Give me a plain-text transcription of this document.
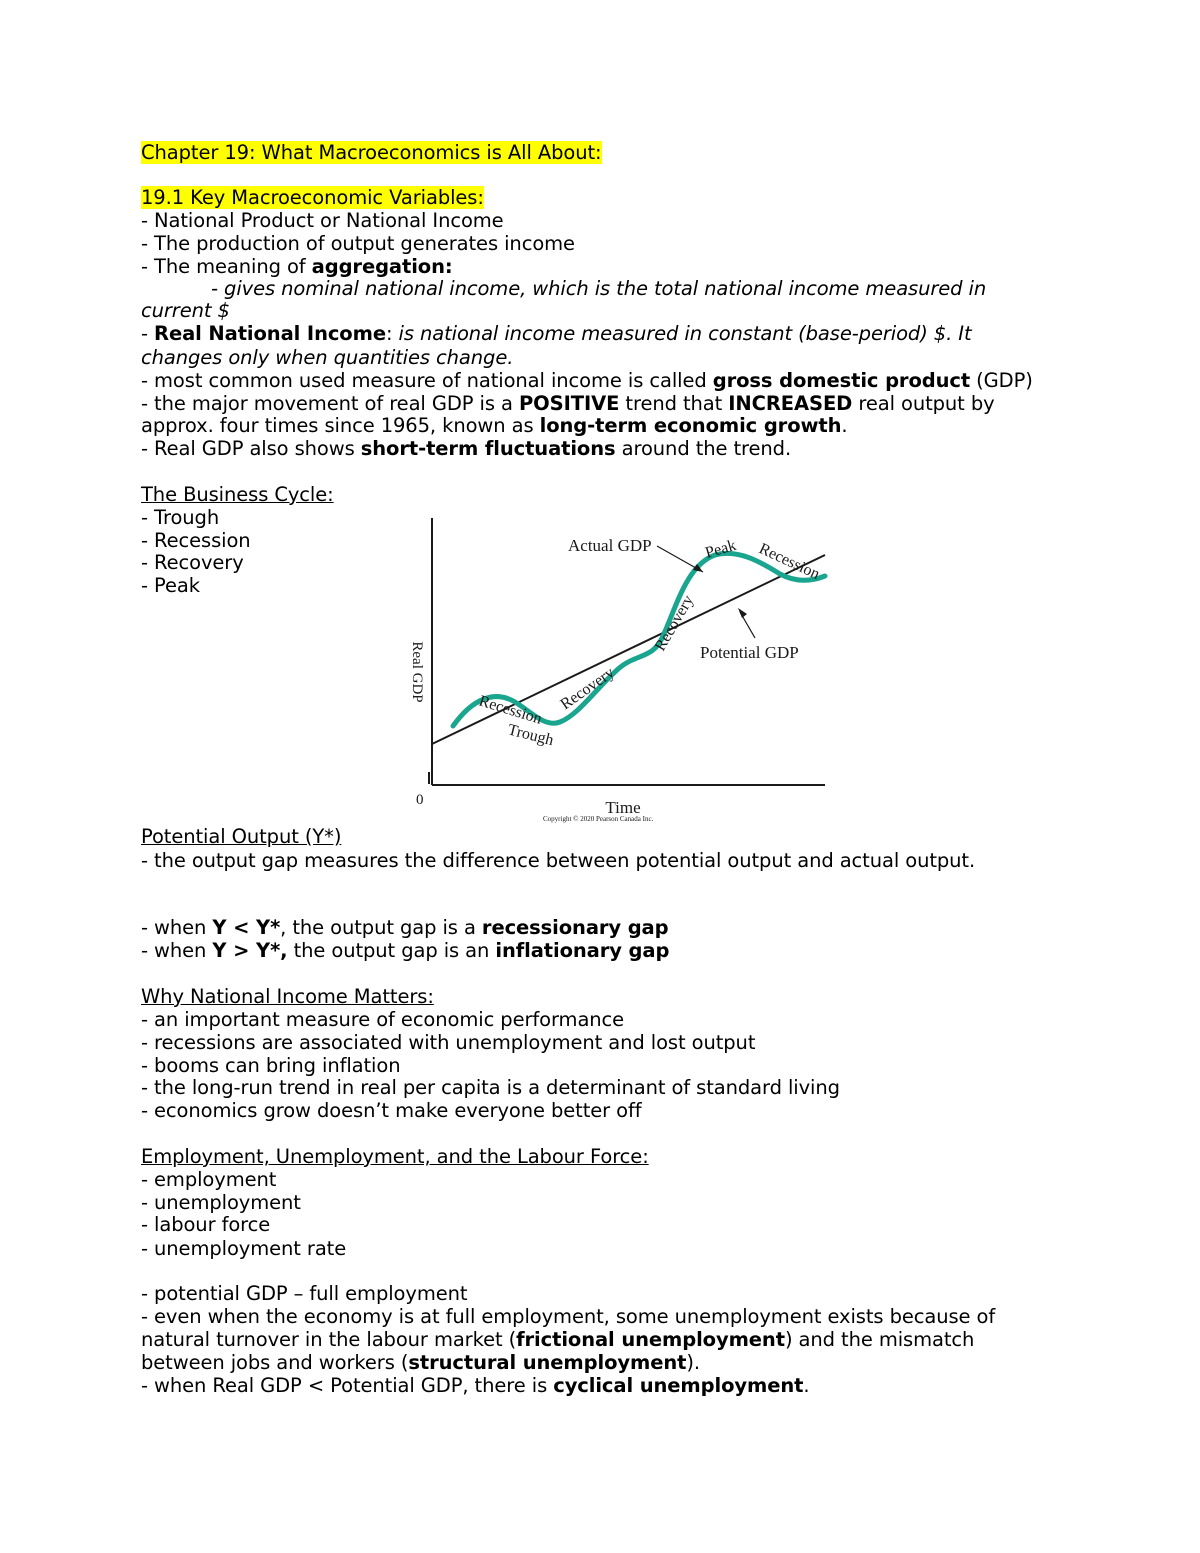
Chapter 19: What Macroeconomics is All About:
19.1 Key Macroeconomic Variables:
- National Product or National Income
- The production of output generates income
- The meaning of aggregation:
- gives nominal national income, which is the total national income measured in
current $
- Real National Income: is national income measured in constant (base-period) $. It
changes only when quantities change.
- most common used measure of national income is called gross domestic product (GDP)
- the major movement of real GDP is a POSITIVE trend that INCREASED real output by
approx. four times since 1965, known as long-term economic growth.
- Real GDP also shows short-term fluctuations around the trend.
The Business Cycle:
- Trough
- Recession
- Recovery
- Peak
Actual GDP
Potential GDP
Recession
Trough
Recovery
Recovery
Peak Recession
Real GDP
0	Time
Copyright © 2020 Pearson Canada Inc.
Potential Output (Y*)
- the output gap measures the difference between potential output and actual output.
- when Y < Y*, the output gap is a recessionary gap
- when Y > Y*, the output gap is an inflationary gap
Why National Income Matters:
- an important measure of economic performance
- recessions are associated with unemployment and lost output
- booms can bring inflation
- the long-run trend in real per capita is a determinant of standard living
- economics grow doesn’t make everyone better off
Employment, Unemployment, and the Labour Force:
- employment
- unemployment
- labour force
- unemployment rate
- potential GDP – full employment
- even when the economy is at full employment, some unemployment exists because of
natural turnover in the labour market (frictional unemployment) and the mismatch
between jobs and workers (structural unemployment).
- when Real GDP < Potential GDP, there is cyclical unemployment.
